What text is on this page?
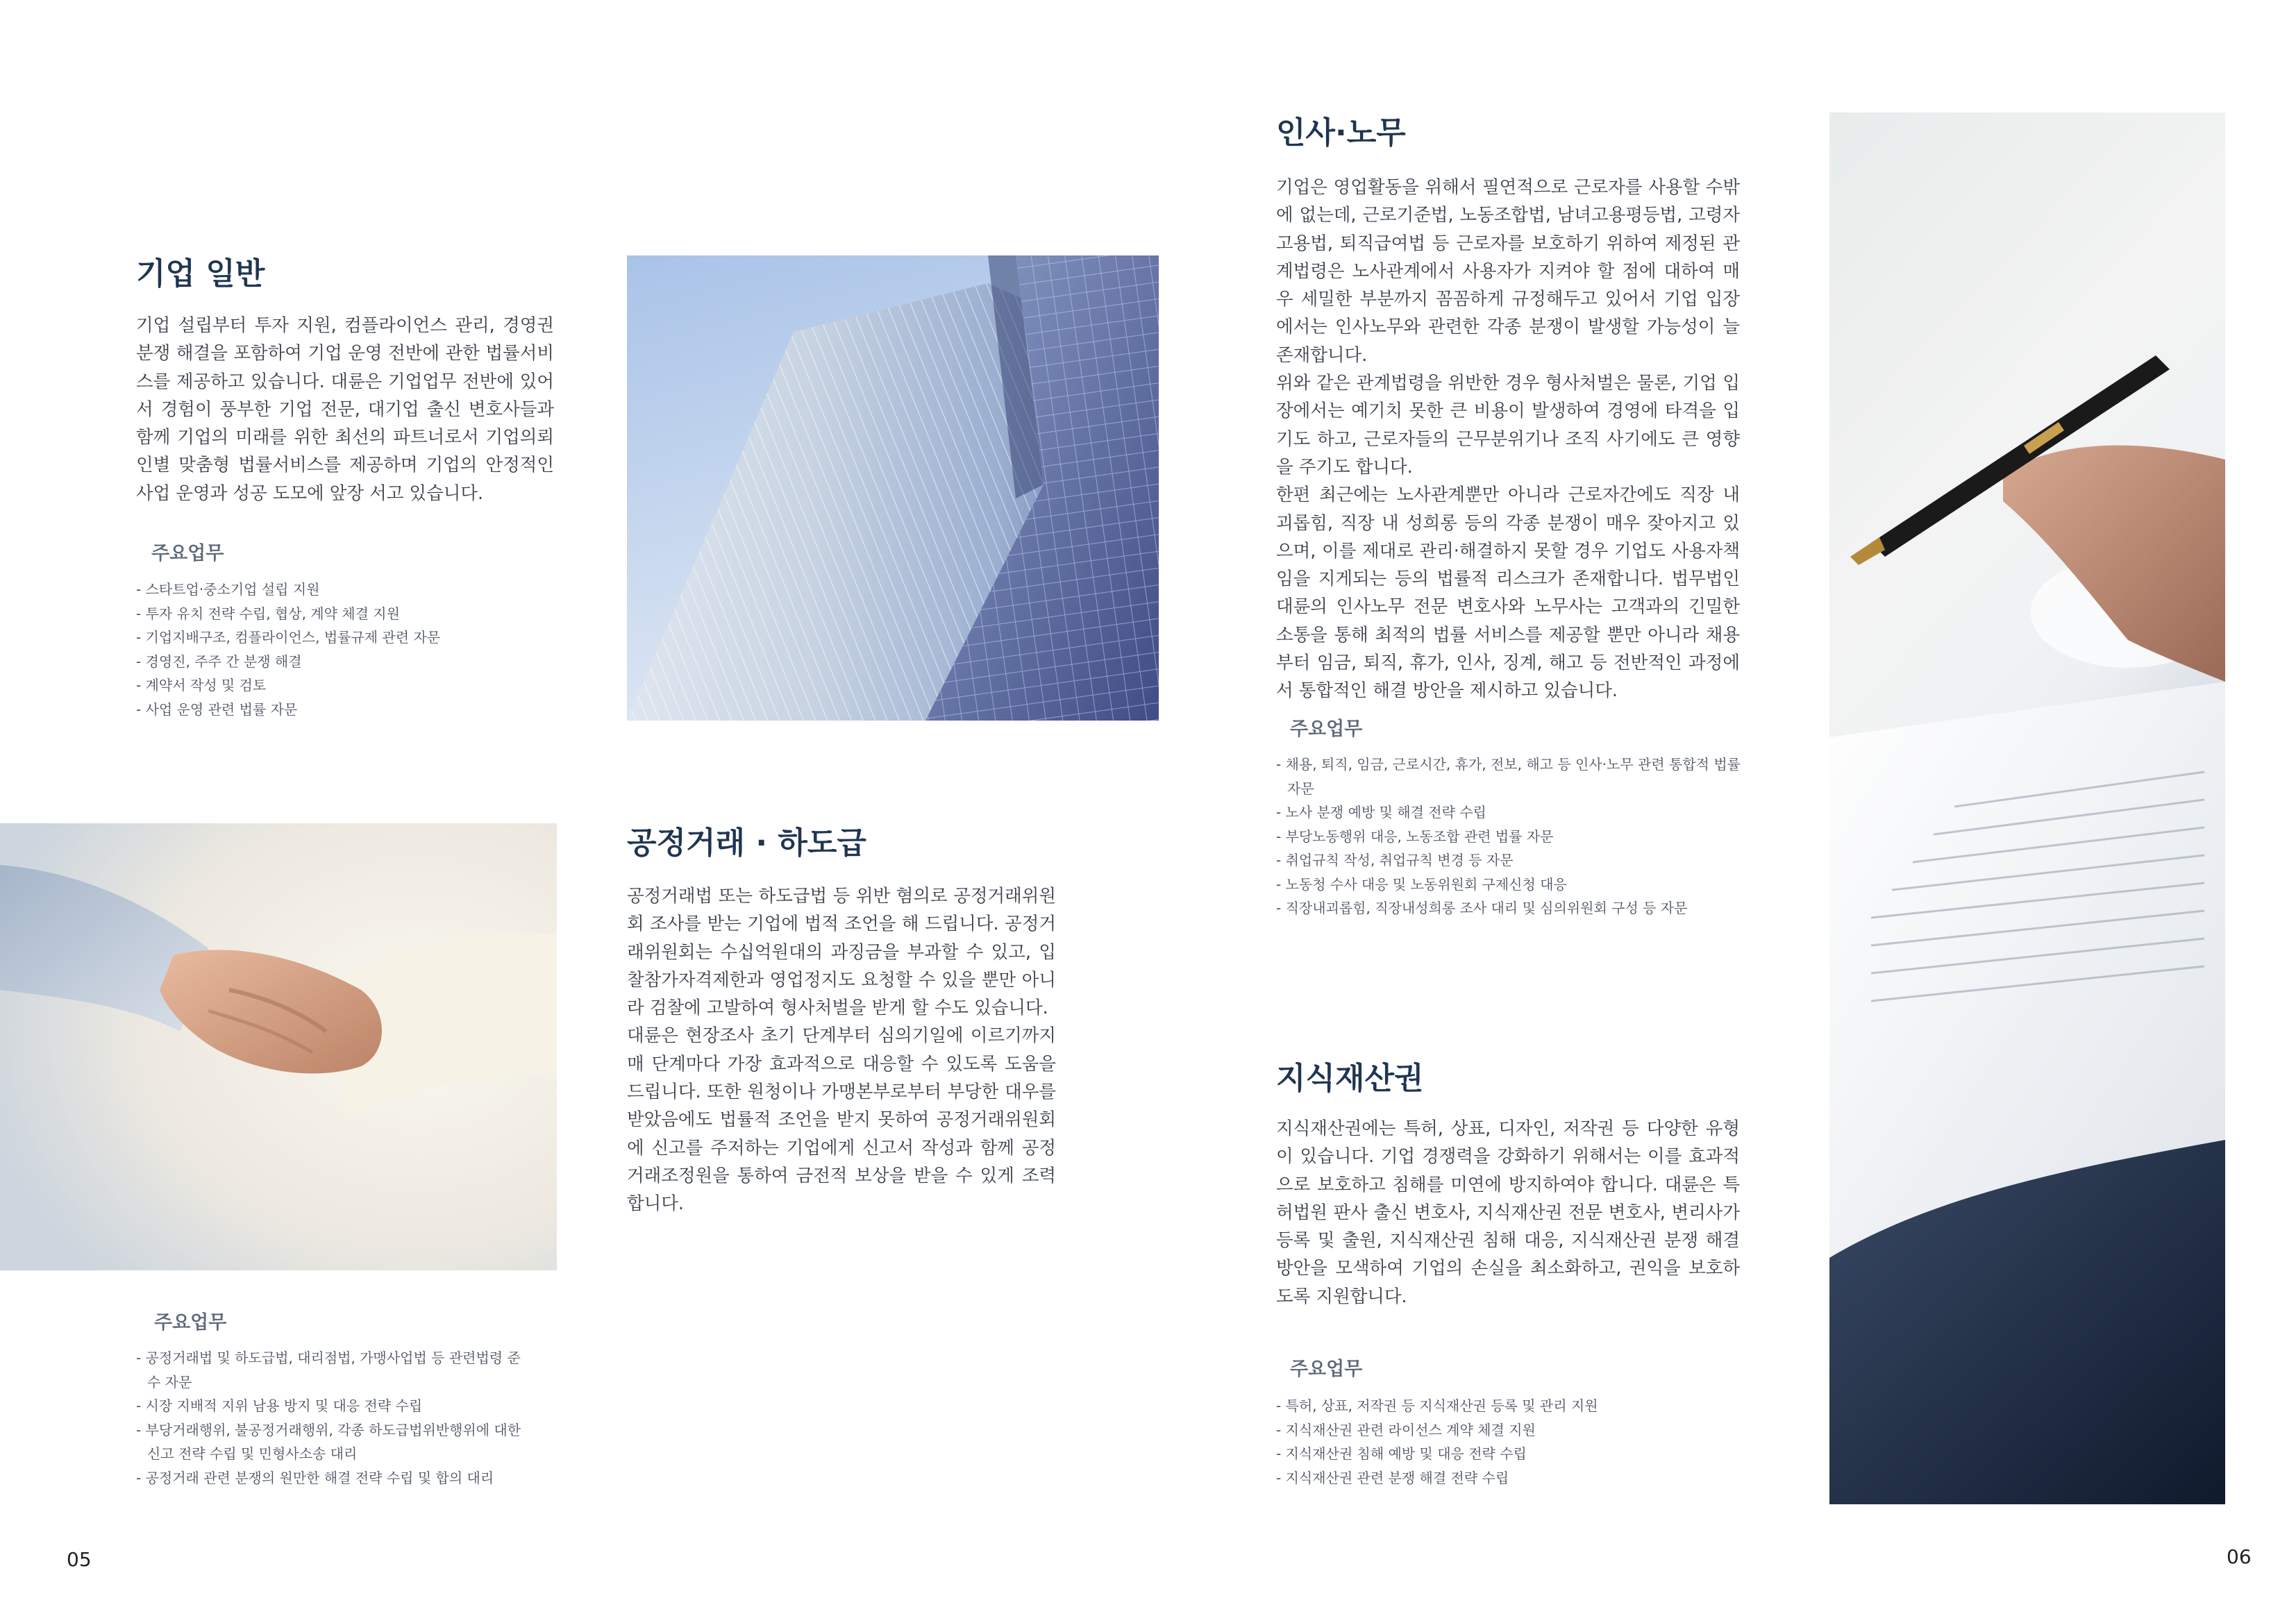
기업 일반

기업 설립부터 투자 지원, 컴플라이언스 관리, 경영권 분쟁 해결을 포함하여 기업 운영 전반에 관한 법률서비스를 제공하고 있습니다. 대륜은 기업업무 전반에 있어서 경험이 풍부한 기업 전문, 대기업 출신 변호사들과 함께 기업의 미래를 위한 최선의 파트너로서 기업의뢰인별 맞춤형 법률서비스를 제공하며 기업의 안정적인 사업 운영과 성공 도모에 앞장 서고 있습니다.

주요업무
- 스타트업·중소기업 설립 지원
- 투자 유치 전략 수립, 협상, 계약 체결 지원
- 기업지배구조, 컴플라이언스, 법률규제 관련 자문
- 경영진, 주주 간 분쟁 해결
- 계약서 작성 및 검토
- 사업 운영 관련 법률 자문
공정거래 · 하도급

공정거래법 또는 하도급법 등 위반 혐의로 공정거래위원회 조사를 받는 기업에 법적 조언을 해 드립니다. 공정거래위원회는 수십억원대의 과징금을 부과할 수 있고, 입찰참가자격제한과 영업정지도 요청할 수 있을 뿐만 아니라 검찰에 고발하여 형사처벌을 받게 할 수도 있습니다.

대륜은 현장조사 초기 단계부터 심의기일에 이르기까지 매 단계마다 가장 효과적으로 대응할 수 있도록 도움을 드립니다. 또한 원청이나 가맹본부로부터 부당한 대우를 받았음에도 법률적 조언을 받지 못하여 공정거래위원회에 신고를 주저하는 기업에게 신고서 작성과 함께 공정거래조정원을 통하여 금전적 보상을 받을 수 있게 조력합니다.

주요업무
- 공정거래법 및 하도급법, 대리점법, 가맹사업법 등 관련법령 준수 자문
- 시장 지배적 지위 남용 방지 및 대응 전략 수립
- 부당거래행위, 불공정거래행위, 각종 하도급법위반행위에 대한 신고 전략 수립 및 민형사소송 대리
- 공정거래 관련 분쟁의 원만한 해결 전략 수립 및 합의 대리
05
인사·노무

기업은 영업활동을 위해서 필연적으로 근로자를 사용할 수밖에 없는데, 근로기준법, 노동조합법, 남녀고용평등법, 고령자고용법, 퇴직급여법 등 근로자를 보호하기 위하여 제정된 관계법령은 노사관계에서 사용자가 지켜야 할 점에 대하여 매우 세밀한 부분까지 꼼꼼하게 규정해두고 있어서 기업 입장에서는 인사노무와 관련한 각종 분쟁이 발생할 가능성이 늘 존재합니다.

위와 같은 관계법령을 위반한 경우 형사처벌은 물론, 기업 입장에서는 예기치 못한 큰 비용이 발생하여 경영에 타격을 입기도 하고, 근로자들의 근무분위기나 조직 사기에도 큰 영향을 주기도 합니다.

한편 최근에는 노사관계뿐만 아니라 근로자간에도 직장 내 괴롭힘, 직장 내 성희롱 등의 각종 분쟁이 매우 잦아지고 있으며, 이를 제대로 관리·해결하지 못할 경우 기업도 사용자책임을 지게되는 등의 법률적 리스크가 존재합니다. 법무법인 대륜의 인사노무 전문 변호사와 노무사는 고객과의 긴밀한 소통을 통해 최적의 법률 서비스를 제공할 뿐만 아니라 채용부터 임금, 퇴직, 휴가, 인사, 징계, 해고 등 전반적인 과정에서 통합적인 해결 방안을 제시하고 있습니다.

주요업무
- 채용, 퇴직, 임금, 근로시간, 휴가, 전보, 해고 등 인사·노무 관련 통합적 법률 자문
- 노사 분쟁 예방 및 해결 전략 수립
- 부당노동행위 대응, 노동조합 관련 법률 자문
- 취업규칙 작성, 취업규칙 변경 등 자문
- 노동청 수사 대응 및 노동위원회 구제신청 대응
- 직장내괴롭힘, 직장내성희롱 조사 대리 및 심의위원회 구성 등 자문
지식재산권

지식재산권에는 특허, 상표, 디자인, 저작권 등 다양한 유형이 있습니다. 기업 경쟁력을 강화하기 위해서는 이를 효과적으로 보호하고 침해를 미연에 방지하여야 합니다. 대륜은 특허법원 판사 출신 변호사, 지식재산권 전문 변호사, 변리사가 등록 및 출원, 지식재산권 침해 대응, 지식재산권 분쟁 해결 방안을 모색하여 기업의 손실을 최소화하고, 권익을 보호하도록 지원합니다.

주요업무
- 특허, 상표, 저작권 등 지식재산권 등록 및 관리 지원
- 지식재산권 관련 라이선스 계약 체결 지원
- 지식재산권 침해 예방 및 대응 전략 수립
- 지식재산권 관련 분쟁 해결 전략 수립
06
